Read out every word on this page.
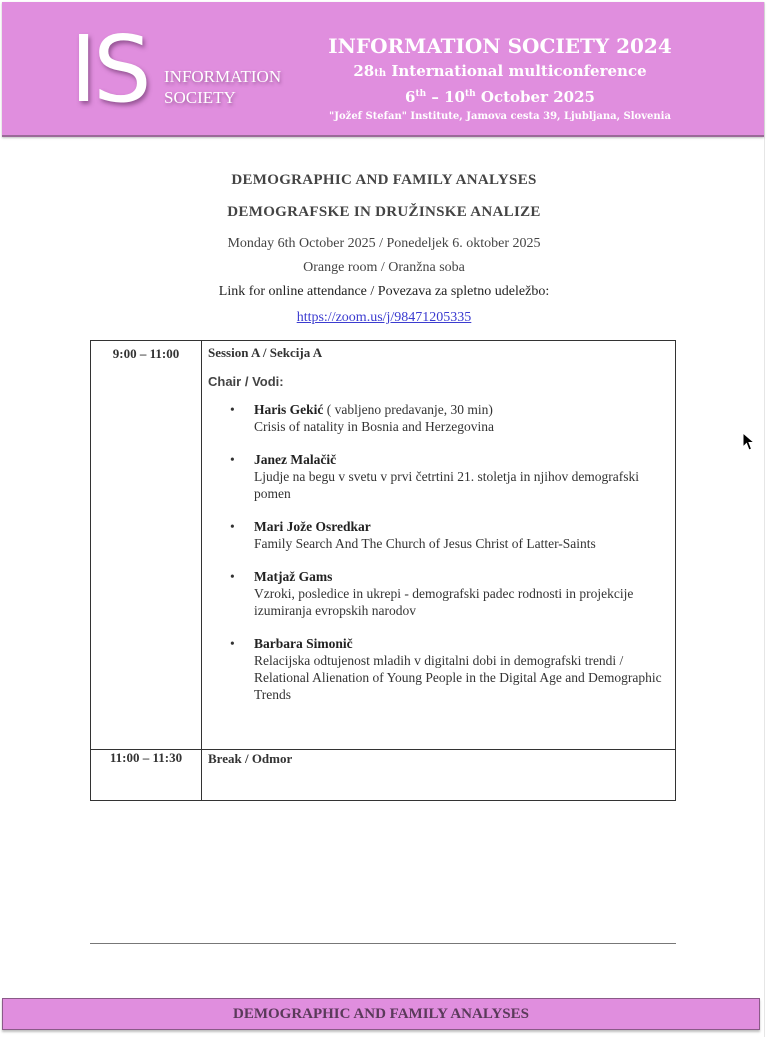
IS INFORMATION
SOCIETY
INFORMATION SOCIETY 2024
28th International multiconference
6th – 10th October 2025
"Jožef Stefan" Institute, Jamova cesta 39, Ljubljana, Slovenia
DEMOGRAPHIC AND FAMILY ANALYSES
DEMOGRAFSKE IN DRUŽINSKE ANALIZE
Monday 6th October 2025 / Ponedeljek 6. oktober 2025
Orange room / Oranžna soba
Link for online attendance / Povezava za spletno udeležbo:
https://zoom.us/j/98471205335
9:00 – 11:00	Session A / Sekcija A
Chair / Vodi:
• Haris Gekić ( vabljeno predavanje, 30 min)
Crisis of natality in Bosnia and Herzegovina
• Janez Malačič
Ljudje na begu v svetu v prvi četrtini 21. stoletja in njihov demografski pomen
• Mari Jože Osredkar
Family Search And The Church of Jesus Christ of Latter-Saints
• Matjaž Gams
Vzroki, posledice in ukrepi - demografski padec rodnosti in projekcije izumiranja evropskih narodov
• Barbara Simonič
Relacijska odtujenost mladih v digitalni dobi in demografski trendi / Relational Alienation of Young People in the Digital Age and Demographic Trends

11:00 – 11:30	Break / Odmor
DEMOGRAPHIC AND FAMILY ANALYSES
